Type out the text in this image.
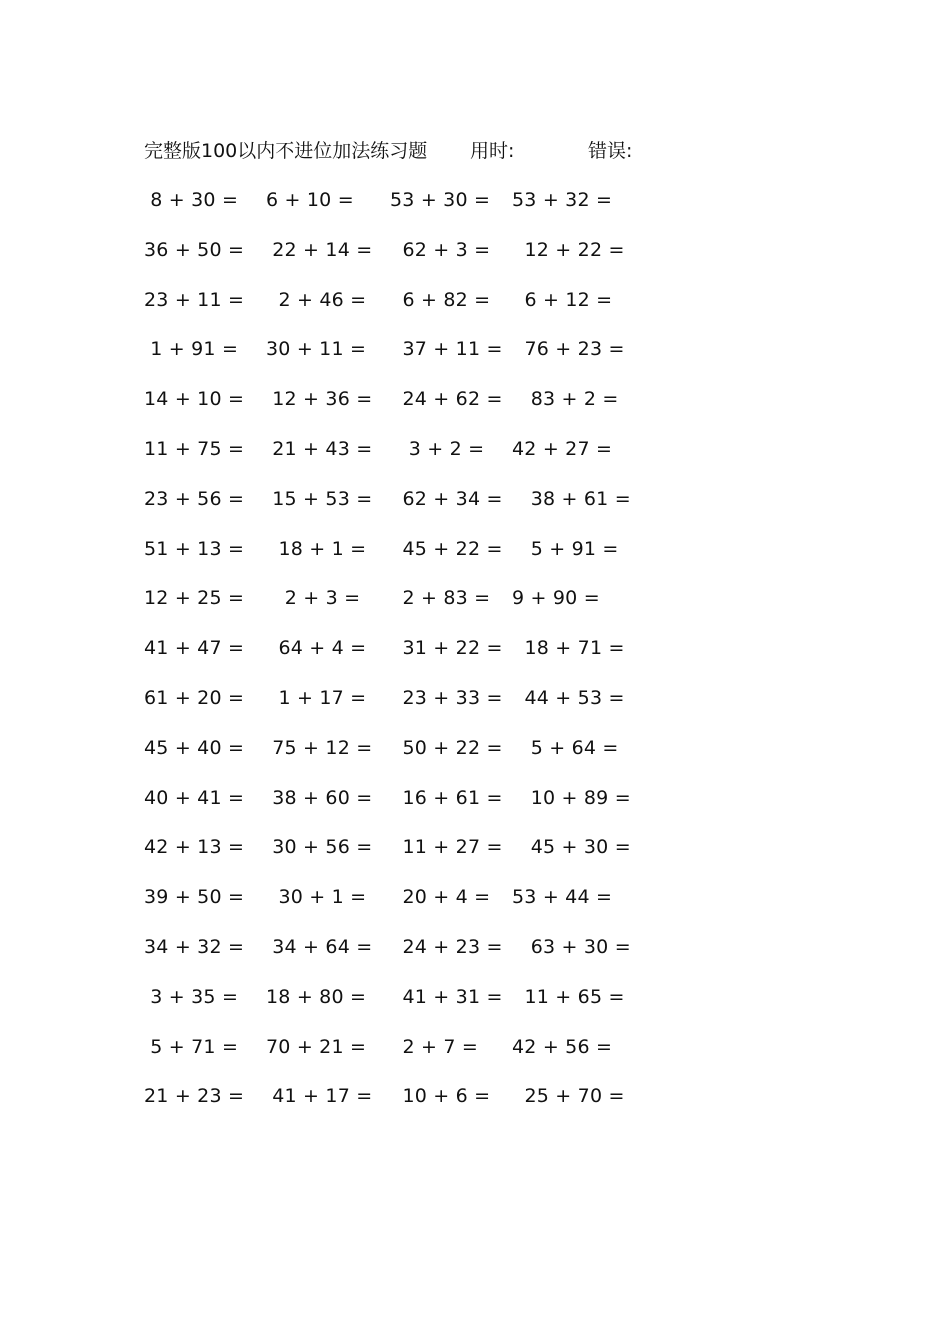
完整版100以内不进位加法练习题 用时:	错误:
8 + 30 =	6 + 10 =	53 + 30 =	53 + 32 =
36 + 50 =	22 + 14 = 62 + 3 =	12 + 22 =
23 + 11 =	2 + 46 =	6 + 82 =	6 + 12 =
1 + 91 =	30 + 11 =	37 + 11 = 76 + 23 =
14 + 10 =	12 + 36 = 24 + 62 = 83 + 2 =
11 + 75 =	21 + 43 = 3 + 2 =	42 + 27 =
23 + 56 =	15 + 53 = 62 + 34 = 38 + 61 =
51 + 13 =	18 + 1 =	45 + 22 = 5 + 91 =
12 + 25 =	2 + 3 =	2 + 83 =	9 + 90 =
41 + 47 =	64 + 4 =	31 + 22 = 18 + 71 =
61 + 20 =	1 + 17 =	23 + 33 = 44 + 53 =
45 + 40 =	75 + 12 = 50 + 22 = 5 + 64 =
40 + 41 =	38 + 60 = 16 + 61 = 10 + 89 =
42 + 13 =	30 + 56 = 11 + 27 = 45 + 30 =
39 + 50 =	30 + 1 =	20 + 4 =	53 + 44 =
34 + 32 =	34 + 64 = 24 + 23 = 63 + 30 =
3 + 35 =	18 + 80 =	41 + 31 = 11 + 65 =
5 + 71 =	70 + 21 =	2 + 7 =	42 + 56 =
21 + 23 =	41 + 17 = 10 + 6 =	25 + 70 =
